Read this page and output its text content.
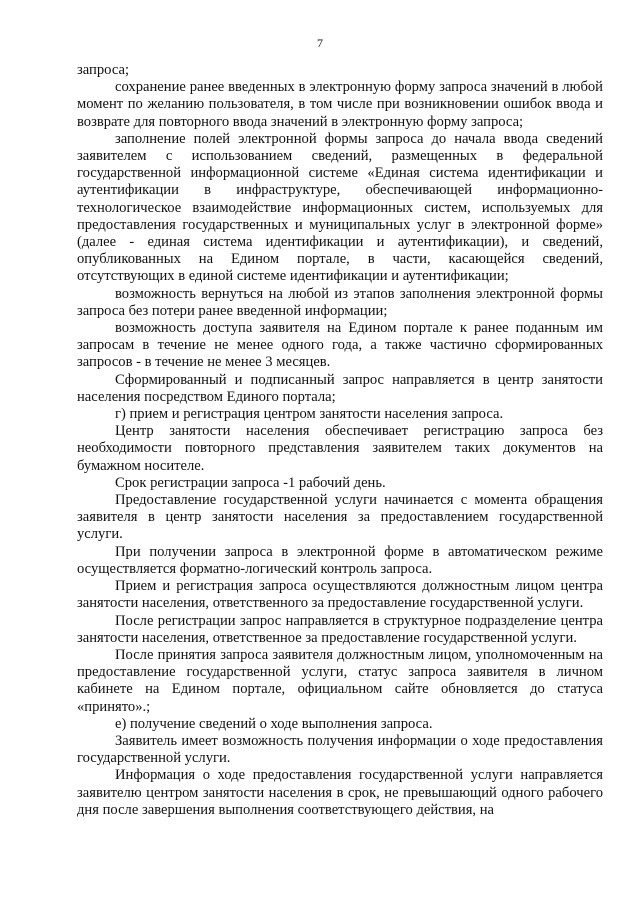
7

запроса;

сохранение ранее введенных в электронную форму запроса значений в любой момент по желанию пользователя, в том числе при возникновении ошибок ввода и возврате для повторного ввода значений в электронную форму запроса;

заполнение полей электронной формы запроса до начала ввода сведений заявителем с использованием сведений, размещенных в федеральной государственной информационной системе «Единая система идентификации и аутентификации в инфраструктуре, обеспечивающей информационно-технологическое взаимодействие информационных систем, используемых для предоставления государственных и муниципальных услуг в электронной форме» (далее - единая система идентификации и аутентификации), и сведений, опубликованных на Едином портале, в части, касающейся сведений, отсутствующих в единой системе идентификации и аутентификации;

возможность вернуться на любой из этапов заполнения электронной формы запроса без потери ранее введенной информации;

возможность доступа заявителя на Едином портале к ранее поданным им запросам в течение не менее одного года, а также частично сформированных запросов - в течение не менее 3 месяцев.

Сформированный и подписанный запрос направляется в центр занятости населения посредством Единого портала;

г) прием и регистрация центром занятости населения запроса.

Центр занятости населения обеспечивает регистрацию запроса без необходимости повторного представления заявителем таких документов на бумажном носителе.

Срок регистрации запроса -1 рабочий день.

Предоставление государственной услуги начинается с момента обращения заявителя в центр занятости населения за предоставлением государственной услуги.

При получении запроса в электронной форме в автоматическом режиме осуществляется форматно-логический контроль запроса.

Прием и регистрация запроса осуществляются должностным лицом центра занятости населения, ответственного за предоставление государственной услуги.

После регистрации запрос направляется в структурное подразделение центра занятости населения, ответственное за предоставление государственной услуги.

После принятия запроса заявителя должностным лицом, уполномоченным на предоставление государственной услуги, статус запроса заявителя в личном кабинете на Едином портале, официальном сайте обновляется до статуса «принято».;

е) получение сведений о ходе выполнения запроса.

Заявитель имеет возможность получения информации о ходе предоставления государственной услуги.

Информация о ходе предоставления государственной услуги направляется заявителю центром занятости населения в срок, не превышающий одного рабочего дня после завершения выполнения соответствующего действия, на
